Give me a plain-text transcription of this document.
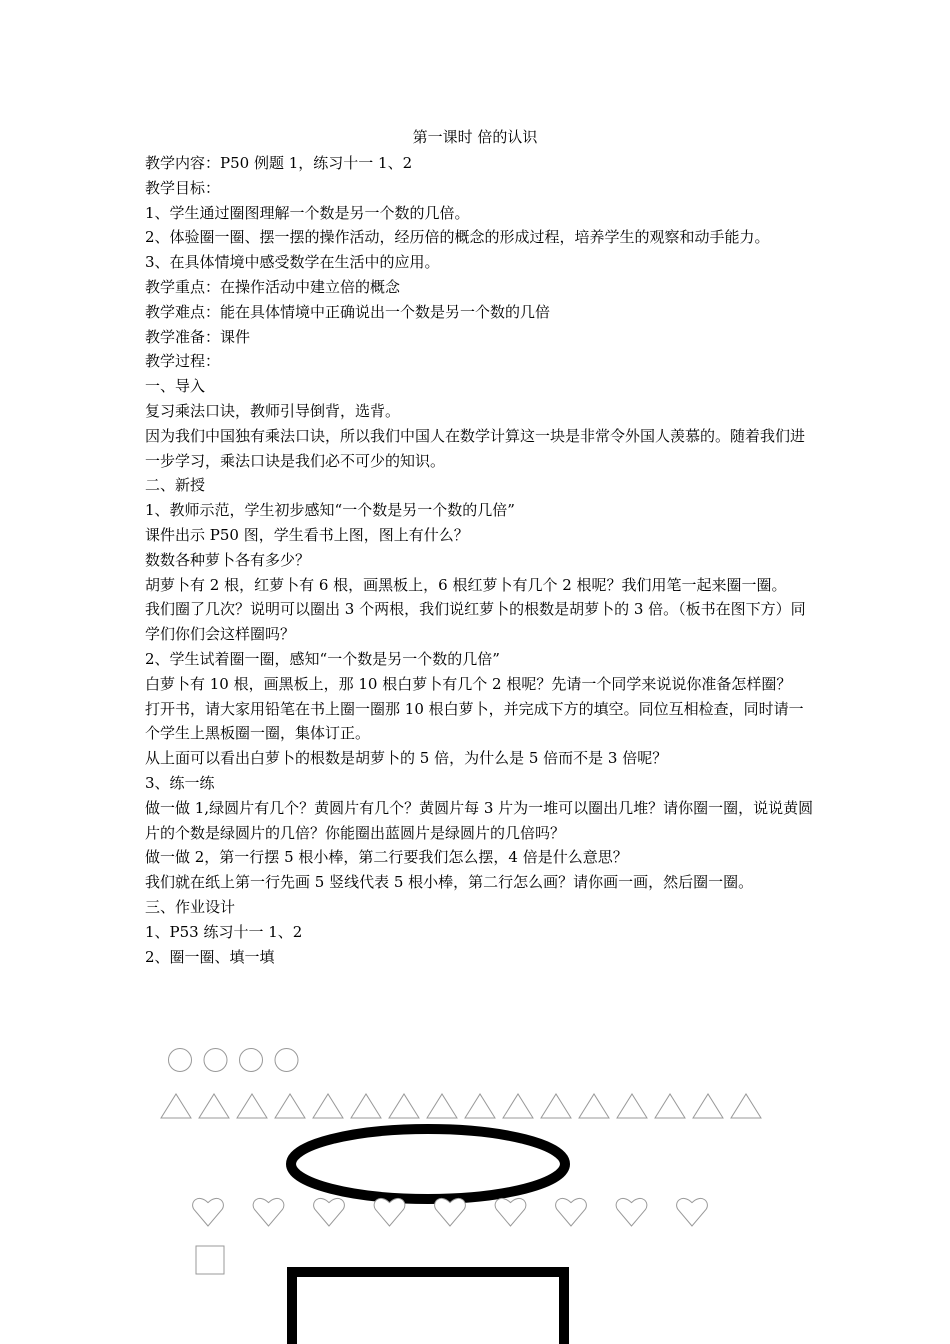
第一课时 倍的认识

教学内容：P50 例题 1，练习十一 1、2

教学目标：

1、学生通过圈图理解一个数是另一个数的几倍。

2、体验圈一圈、摆一摆的操作活动，经历倍的概念的形成过程，培养学生的观察和动手能力。

3、在具体情境中感受数学在生活中的应用。

教学重点：在操作活动中建立倍的概念

教学难点：能在具体情境中正确说出一个数是另一个数的几倍

教学准备：课件

教学过程：

一、导入

复习乘法口诀，教师引导倒背，选背。

因为我们中国独有乘法口诀，所以我们中国人在数学计算这一块是非常令外国人羡慕的。随着我们进一步学习，乘法口诀是我们必不可少的知识。

二、新授

1、教师示范，学生初步感知“一个数是另一个数的几倍”

课件出示 P50 图，学生看书上图，图上有什么？

数数各种萝卜各有多少？

胡萝卜有 2 根，红萝卜有 6 根，画黑板上，6 根红萝卜有几个 2 根呢？我们用笔一起来圈一圈。

我们圈了几次？说明可以圈出 3 个两根，我们说红萝卜的根数是胡萝卜的 3 倍。（板书在图下方）同学们你们会这样圈吗？

2、学生试着圈一圈，感知“一个数是另一个数的几倍”

白萝卜有 10 根，画黑板上，那 10 根白萝卜有几个 2 根呢？先请一个同学来说说你准备怎样圈？

打开书，请大家用铅笔在书上圈一圈那 10 根白萝卜，并完成下方的填空。同位互相检查，同时请一个学生上黑板圈一圈，集体订正。

从上面可以看出白萝卜的根数是胡萝卜的 5 倍，为什么是 5 倍而不是 3 倍呢？

3、练一练

做一做 1,绿圆片有几个？黄圆片有几个？黄圆片每 3 片为一堆可以圈出几堆？请你圈一圈，说说黄圆片的个数是绿圆片的几倍？你能圈出蓝圆片是绿圆片的几倍吗？

做一做 2，第一行摆 5 根小棒，第二行要我们怎么摆，4 倍是什么意思？

我们就在纸上第一行先画 5 竖线代表 5 根小棒，第二行怎么画？请你画一画，然后圈一圈。

三、作业设计

1、P53 练习十一 1、2

2、圈一圈、填一填
